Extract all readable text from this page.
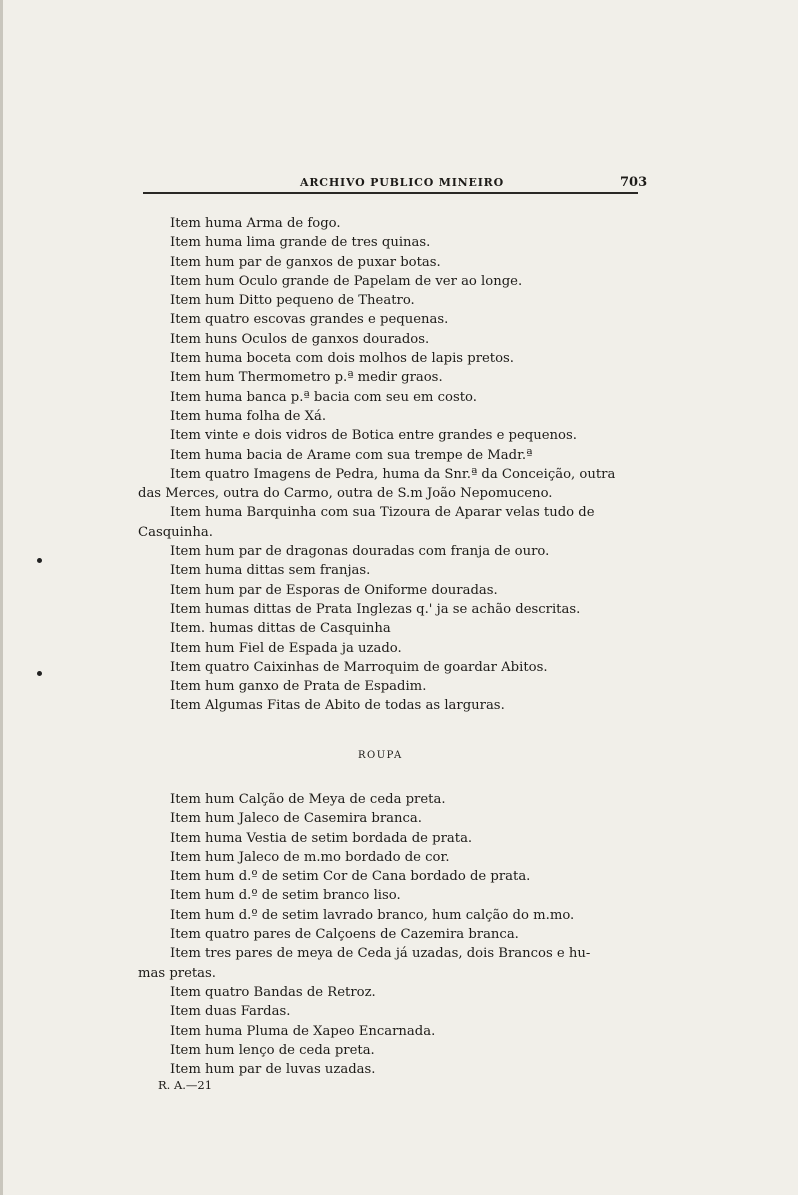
ARCHIVO PUBLICO MINEIRO	703
Item huma Arma de fogo.
Item huma lima grande de tres quinas.
Item hum par de ganxos de puxar botas.
Item hum Oculo grande de Papelam de ver ao longe.
Item hum Ditto pequeno de Theatro.
Item quatro escovas grandes e pequenas.
Item huns Oculos de ganxos dourados.
Item huma boceta com dois molhos de lapis pretos.
Item hum Thermometro p.ª medir graos.
Item huma banca p.ª bacia com seu em costo.
Item huma folha de Xá.
Item vinte e dois vidros de Botica entre grandes e pequenos.
Item huma bacia de Arame com sua trempe de Madr.ª
Item quatro Imagens de Pedra, huma da Snr.ª da Conceição, outra
das Merces, outra do Carmo, outra de S.m João Nepomuceno.
Item huma Barquinha com sua Tizoura de Aparar velas tudo de
Casquinha.
Item hum par de dragonas douradas com franja de ouro.
Item huma dittas sem franjas.
Item hum par de Esporas de Oniforme douradas.
Item humas dittas de Prata Inglezas q.' ja se achão descritas.
Item. humas dittas de Casquinha
Item hum Fiel de Espada ja uzado.
Item quatro Caixinhas de Marroquim de goardar Abitos.
Item hum ganxo de Prata de Espadim.
Item Algumas Fitas de Abito de todas as larguras.
ROUPA
Item hum Calção de Meya de ceda preta.
Item hum Jaleco de Casemira branca.
Item huma Vestia de setim bordada de prata.
Item hum Jaleco de m.mo bordado de cor.
Item hum d.º de setim Cor de Cana bordado de prata.
Item hum d.º de setim branco liso.
Item hum d.º de setim lavrado branco, hum calção do m.mo.
Item quatro pares de Calçoens de Cazemira branca.
Item tres pares de meya de Ceda já uzadas, dois Brancos e hu-
mas pretas.
Item quatro Bandas de Retroz.
Item duas Fardas.
Item huma Pluma de Xapeo Encarnada.
Item hum lenço de ceda preta.
Item hum par de luvas uzadas.
R. A.—21
